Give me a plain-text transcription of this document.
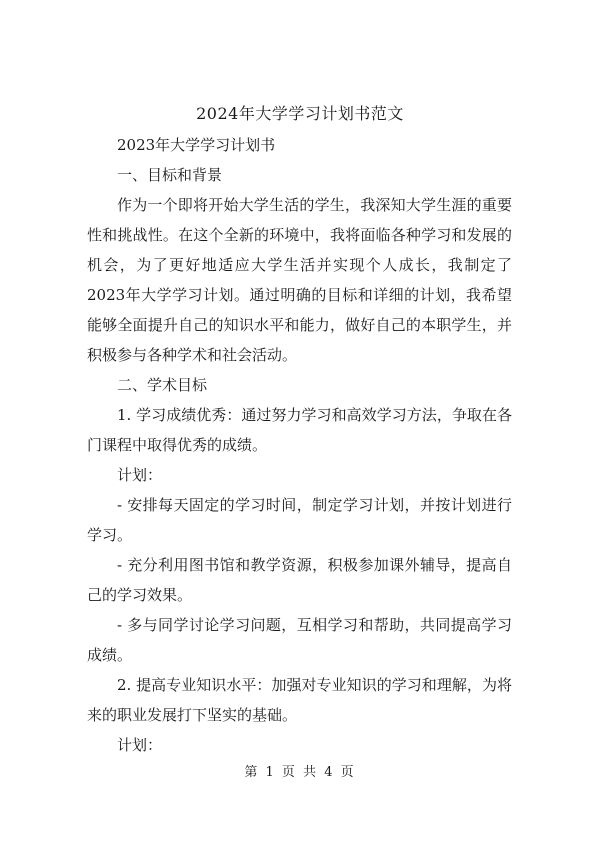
2024年大学学习计划书范文

2023年大学学习计划书

一、目标和背景

作为一个即将开始大学生活的学生，我深知大学生涯的重要性和挑战性。在这个全新的环境中，我将面临各种学习和发展的机会，为了更好地适应大学生活并实现个人成长，我制定了2023年大学学习计划。通过明确的目标和详细的计划，我希望能够全面提升自己的知识水平和能力，做好自己的本职学生，并积极参与各种学术和社会活动。

二、学术目标

1. 学习成绩优秀：通过努力学习和高效学习方法，争取在各门课程中取得优秀的成绩。

计划：

- 安排每天固定的学习时间，制定学习计划，并按计划进行学习。

- 充分利用图书馆和教学资源，积极参加课外辅导，提高自己的学习效果。

- 多与同学讨论学习问题，互相学习和帮助，共同提高学习成绩。

2. 提高专业知识水平：加强对专业知识的学习和理解，为将来的职业发展打下坚实的基础。

计划：

第 1 页 共 4 页
